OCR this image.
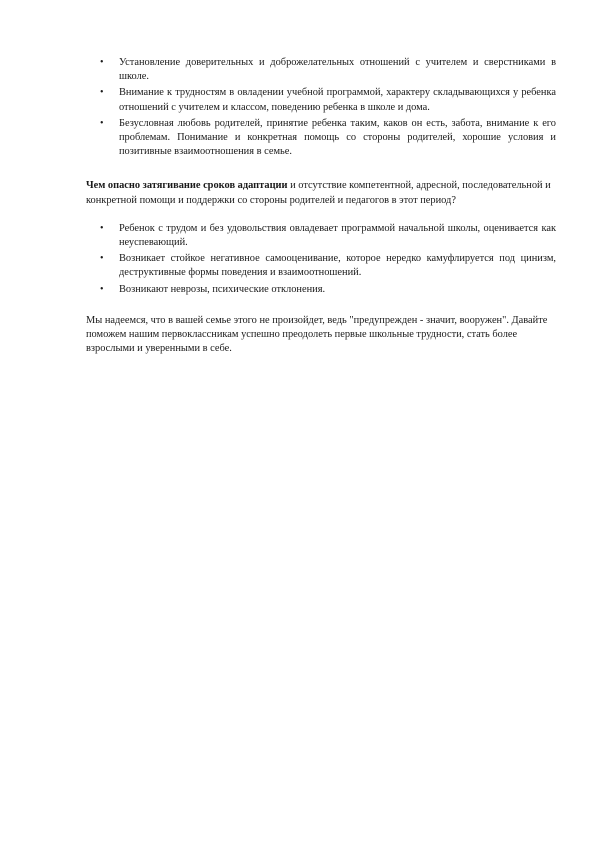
• Установление доверительных и доброжелательных отношений с учителем и сверстниками в школе.
• Внимание к трудностям в овладении учебной программой, характеру складывающихся у ребенка отношений с учителем и классом, поведению ребенка в школе и дома.
• Безусловная любовь родителей, принятие ребенка таким, каков он есть, забота, внимание к его проблемам. Понимание и конкретная помощь со стороны родителей, хорошие условия и позитивные взаимоотношения в семье.

Чем опасно затягивание сроков адаптации и отсутствие компетентной, адресной, последовательной и конкретной помощи и поддержки со стороны родителей и педагогов в этот период?

• Ребенок с трудом и без удовольствия овладевает программой начальной школы, оценивается как неуспевающий.
• Возникает стойкое негативное самооценивание, которое нередко камуфлируется под цинизм, деструктивные формы поведения и взаимоотношений.
• Возникают неврозы, психические отклонения.

Мы надеемся, что в вашей семье этого не произойдет, ведь "предупрежден - значит, вооружен". Давайте поможем нашим первоклассникам успешно преодолеть первые школьные трудности, стать более взрослыми и уверенными в себе.
